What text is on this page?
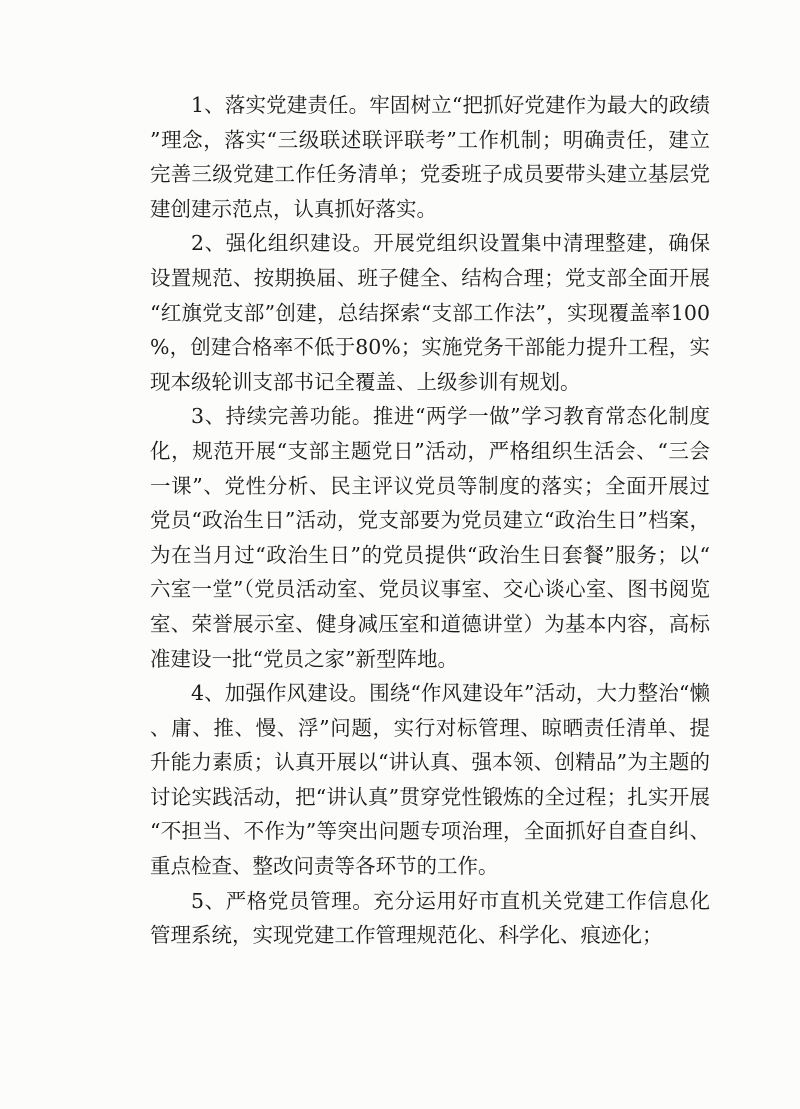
1、落实党建责任。牢固树立“把抓好党建作为最大的政绩”理念，落实“三级联述联评联考”工作机制；明确责任，建立完善三级党建工作任务清单；党委班子成员要带头建立基层党建创建示范点，认真抓好落实。

2、强化组织建设。开展党组织设置集中清理整建，确保设置规范、按期换届、班子健全、结构合理；党支部全面开展“红旗党支部”创建，总结探索“支部工作法”，实现覆盖率100%，创建合格率不低于80%；实施党务干部能力提升工程，实现本级轮训支部书记全覆盖、上级参训有规划。

3、持续完善功能。推进“两学一做”学习教育常态化制度化，规范开展“支部主题党日”活动，严格组织生活会、“三会一课”、党性分析、民主评议党员等制度的落实；全面开展过党员“政治生日”活动，党支部要为党员建立“政治生日”档案，为在当月过“政治生日”的党员提供“政治生日套餐”服务；以“六室一堂”（党员活动室、党员议事室、交心谈心室、图书阅览室、荣誉展示室、健身减压室和道德讲堂）为基本内容，高标准建设一批“党员之家”新型阵地。

4、加强作风建设。围绕“作风建设年”活动，大力整治“懒、庸、推、慢、浮”问题，实行对标管理、晾晒责任清单、提升能力素质；认真开展以“讲认真、强本领、创精品”为主题的讨论实践活动，把“讲认真”贯穿党性锻炼的全过程；扎实开展“不担当、不作为”等突出问题专项治理，全面抓好自查自纠、重点检查、整改问责等各环节的工作。

5、严格党员管理。充分运用好市直机关党建工作信息化管理系统，实现党建工作管理规范化、科学化、痕迹化；
